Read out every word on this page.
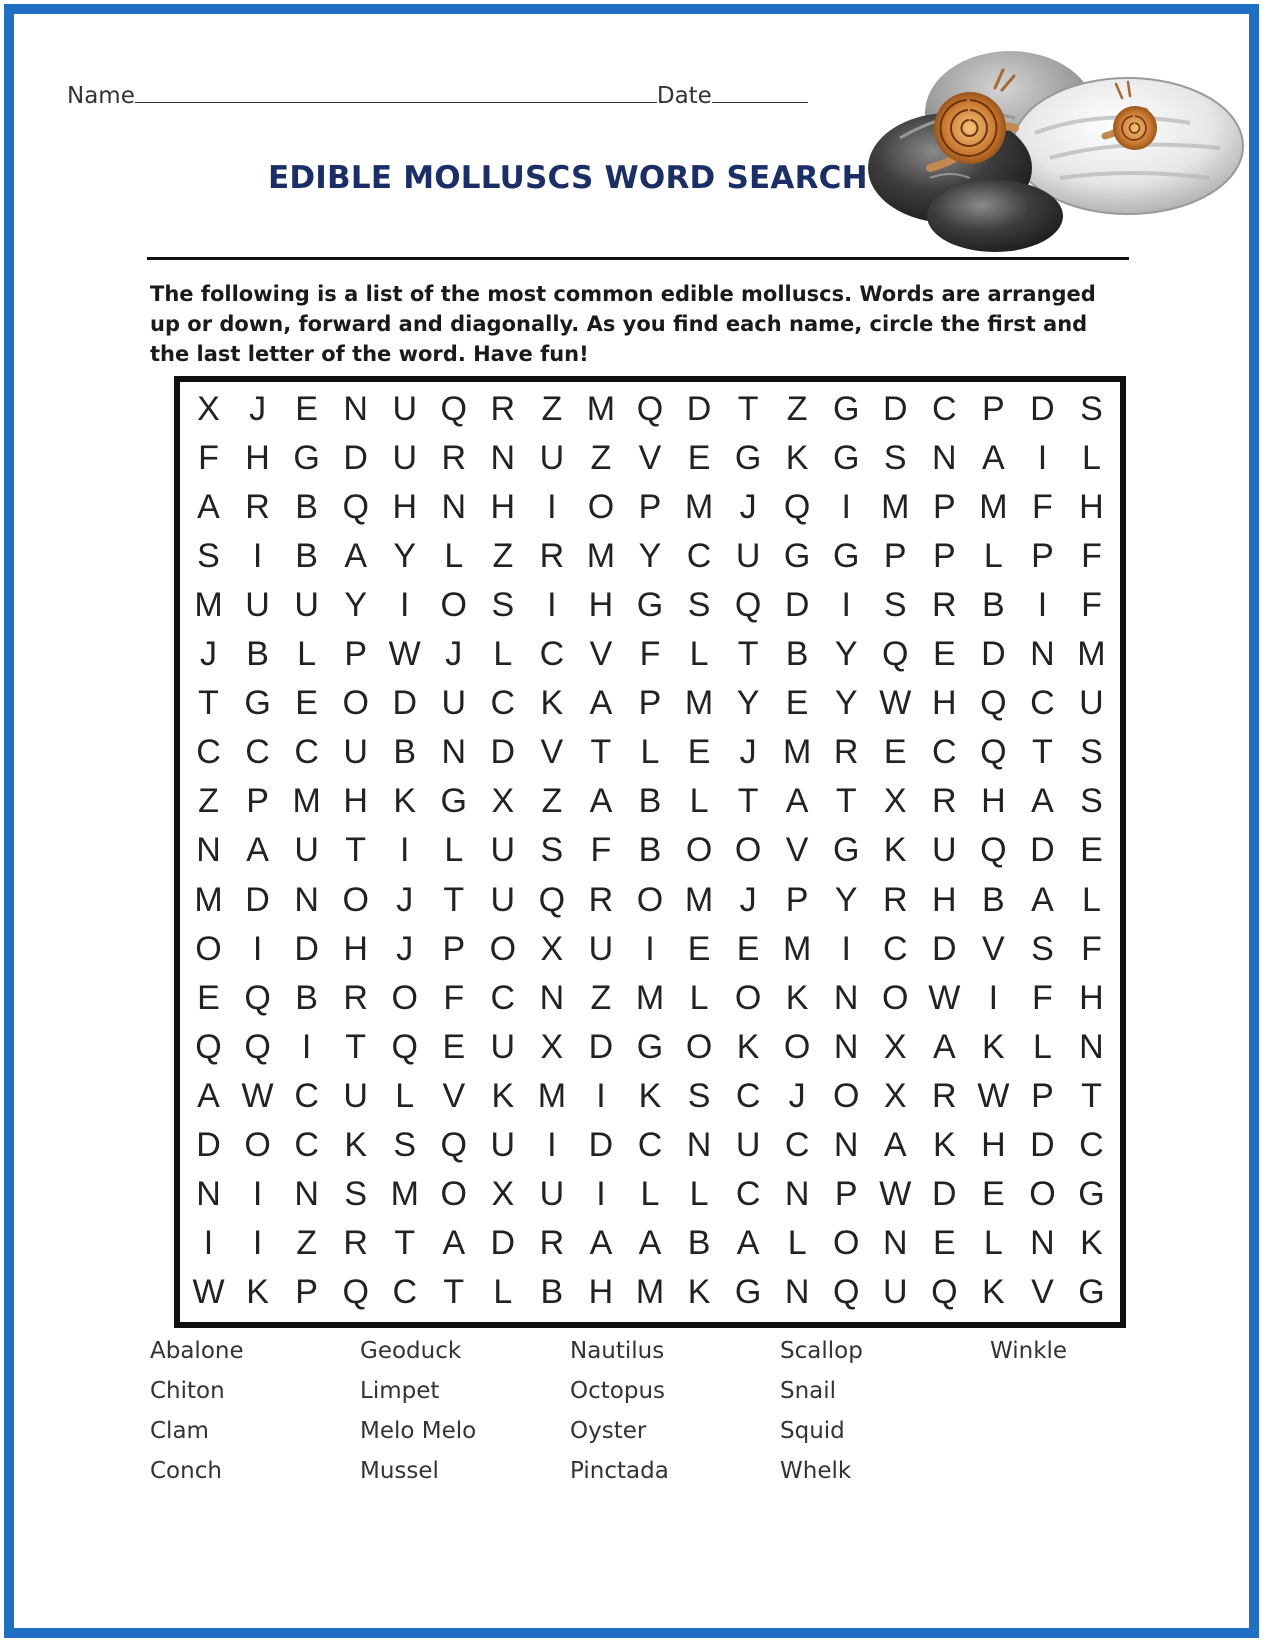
Name	Date
EDIBLE MOLLUSCS WORD SEARCH
The following is a list of the most common edible molluscs. Words are arranged up or down, forward and diagonally. As you find each name, circle the first and the last letter of the word. Have fun!
X J E N U Q R Z M Q D T Z G D C P D S
F H G D U R N U Z V E G K G S N A I	L
A R B Q H N H I O P M J Q I M P M F H
S I B A Y L Z R M Y C U G G P P L P F
M U U Y I O S I H G S Q D I S R B I F
J B L P W J L C V F L T B Y Q E D N M
T G E O D U C K A P M Y E Y W H Q C U
C C C U B N D V T L E J M R E C Q T S
Z P M H K G X Z A B L T A T X R H A S
N A U T I	L U S F B O O V G K U Q D E
M D N O J T U Q R O M J P Y R H B A L
O I D H J P O X U I E E M I C D V S F
E Q B R O F C N Z M L O K N O W I F H
Q Q I T Q E U X D G O K O N X A K L N
A W C U L V K M I K S C J O X R W P T
D O C K S Q U I D C N U C N A K H D C
N I N S M O X U I	L L C N P W D E O G
I	I Z R T A D R A A B A L O N E L N K
W K P Q C T L B H M K G N Q U Q K V G
Abalone
Chiton
Clam
Conch
Geoduck
Limpet
Melo Melo
Mussel
Nautilus
Octopus
Oyster
Pinctada
Scallop
Snail
Squid
Whelk
Winkle
